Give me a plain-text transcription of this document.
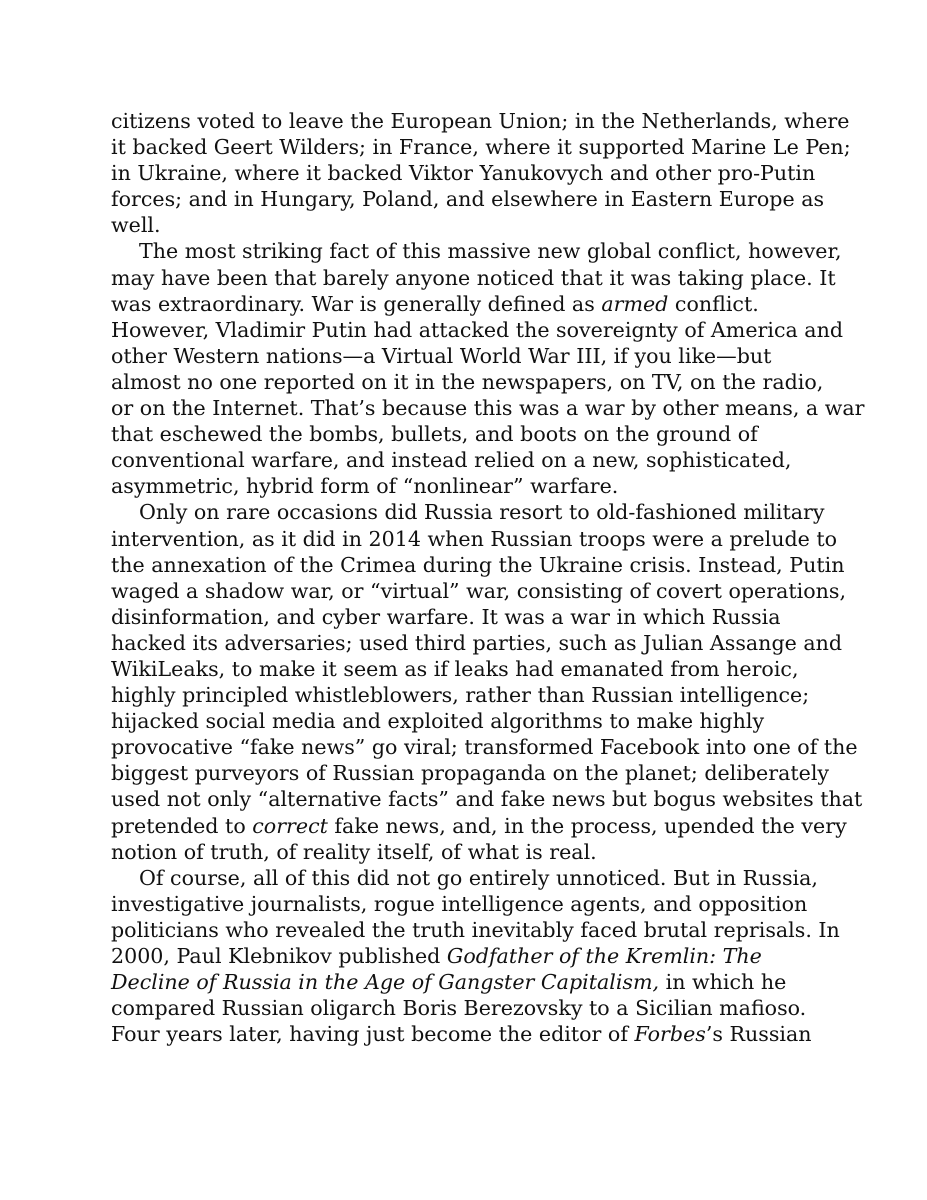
citizens voted to leave the European Union; in the Netherlands, where
it backed Geert Wilders; in France, where it supported Marine Le Pen;
in Ukraine, where it backed Viktor Yanukovych and other pro-Putin
forces; and in Hungary, Poland, and elsewhere in Eastern Europe as
well.
The most striking fact of this massive new global conflict, however,
may have been that barely anyone noticed that it was taking place. It
was extraordinary. War is generally defined as armed conflict.
However, Vladimir Putin had attacked the sovereignty of America and
other Western nations—a Virtual World War III, if you like—but
almost no one reported on it in the newspapers, on TV, on the radio,
or on the Internet. That’s because this was a war by other means, a war
that eschewed the bombs, bullets, and boots on the ground of
conventional warfare, and instead relied on a new, sophisticated,
asymmetric, hybrid form of “nonlinear” warfare.
Only on rare occasions did Russia resort to old-fashioned military
intervention, as it did in 2014 when Russian troops were a prelude to
the annexation of the Crimea during the Ukraine crisis. Instead, Putin
waged a shadow war, or “virtual” war, consisting of covert operations,
disinformation, and cyber warfare. It was a war in which Russia
hacked its adversaries; used third parties, such as Julian Assange and
WikiLeaks, to make it seem as if leaks had emanated from heroic,
highly principled whistleblowers, rather than Russian intelligence;
hijacked social media and exploited algorithms to make highly
provocative “fake news” go viral; transformed Facebook into one of the
biggest purveyors of Russian propaganda on the planet; deliberately
used not only “alternative facts” and fake news but bogus websites that
pretended to correct fake news, and, in the process, upended the very
notion of truth, of reality itself, of what is real.
Of course, all of this did not go entirely unnoticed. But in Russia,
investigative journalists, rogue intelligence agents, and opposition
politicians who revealed the truth inevitably faced brutal reprisals. In
2000, Paul Klebnikov published Godfather of the Kremlin: The
Decline of Russia in the Age of Gangster Capitalism, in which he
compared Russian oligarch Boris Berezovsky to a Sicilian mafioso.
Four years later, having just become the editor of Forbes’s Russian
